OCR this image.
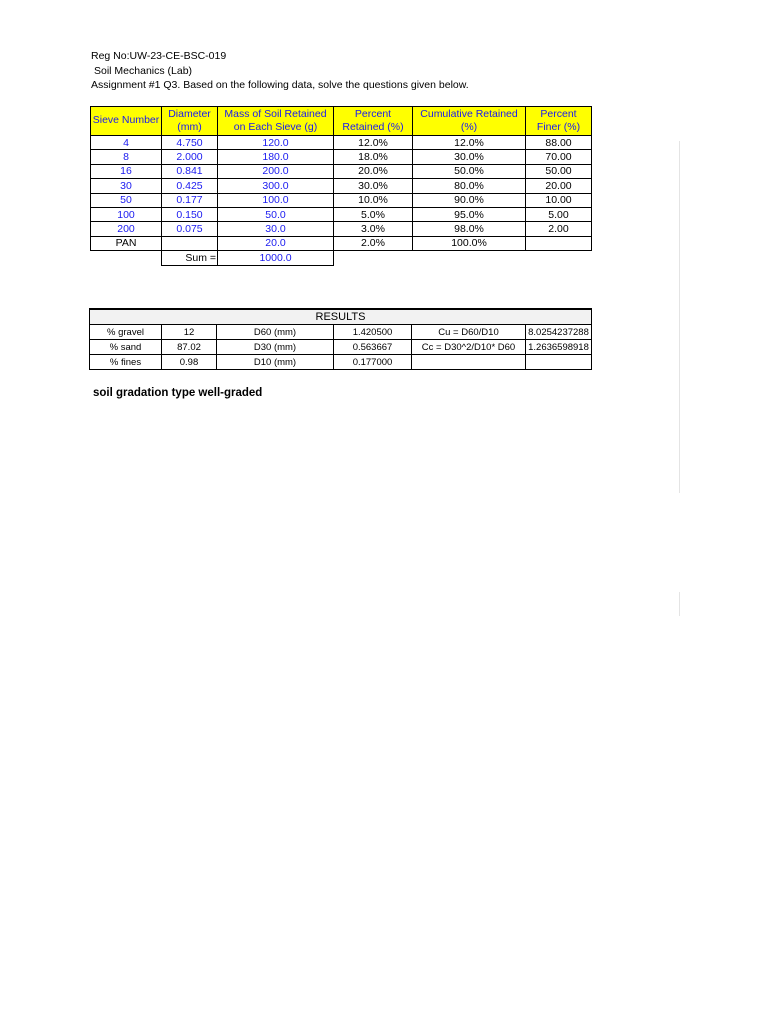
Reg No:UW-23-CE-BSC-019
Soil Mechanics (Lab)
Assignment #1 Q3. Based on the following data, solve the questions given below.
Sieve Number	Diameter (mm)	Mass of Soil Retained on Each Sieve (g)	Percent Retained (%)	Cumulative Retained (%)	Percent Finer (%)
4	4.750	120.0	12.0%	12.0%	88.00
8	2.000	180.0	18.0%	30.0%	70.00
16	0.841	200.0	20.0%	50.0%	50.00
30	0.425	300.0	30.0%	80.0%	20.00
50	0.177	100.0	10.0%	90.0%	10.00
100	0.150	50.0	5.0%	95.0%	5.00
200	0.075	30.0	3.0%	98.0%	2.00
PAN		20.0	2.0%	100.0%	
	Sum =	1000.0			
RESULTS					
% gravel	12	D60 (mm)	1.420500	Cu = D60/D10	8.0254237288
% sand	87.02	D30 (mm)	0.563667	Cc = D30^2/D10* D60	1.2636598918
% fines	0.98	D10 (mm)	0.177000		
soil gradation type well-graded
